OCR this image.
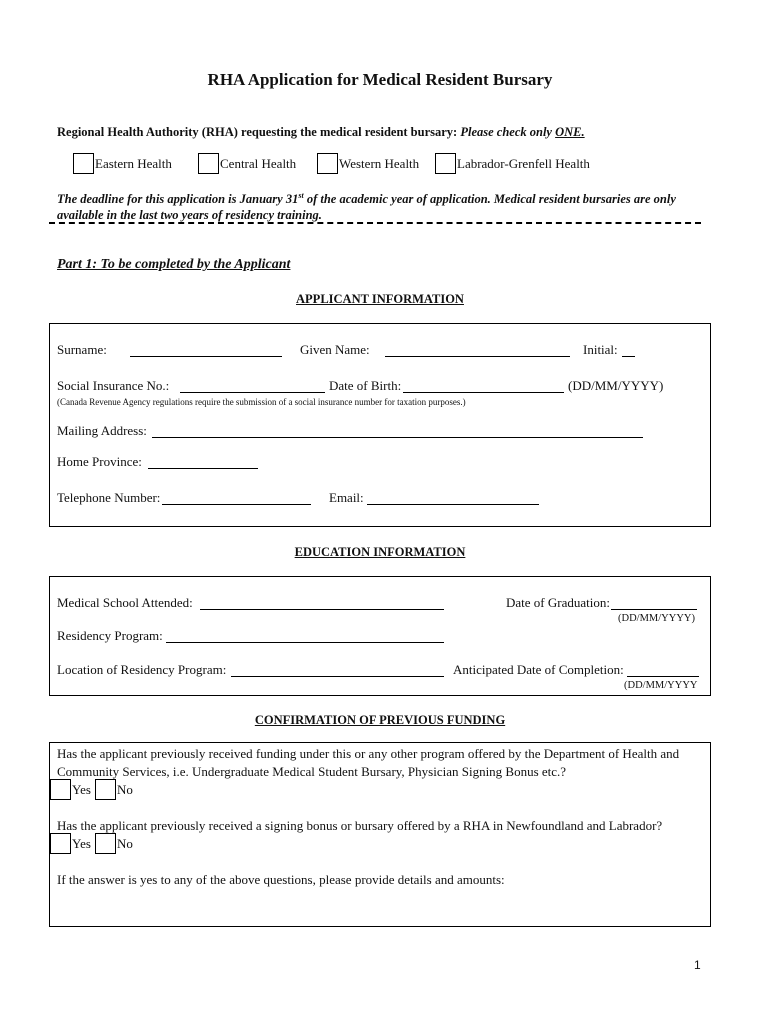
RHA Application for Medical Resident Bursary
Regional Health Authority (RHA) requesting the medical resident bursary: Please check only ONE.
Eastern Health	Central Health	Western Health	Labrador-Grenfell Health
The deadline for this application is January 31st of the academic year of application. Medical resident bursaries are only available in the last two years of residency training.
Part 1: To be completed by the Applicant
APPLICANT INFORMATION
Surname:	Given Name:	Initial:
Social Insurance No.:	Date of Birth:	(DD/MM/YYYY)
(Canada Revenue Agency regulations require the submission of a social insurance number for taxation purposes.)
Mailing Address:
Home Province:
Telephone Number:	Email:
EDUCATION INFORMATION
Medical School Attended:	Date of Graduation:
(DD/MM/YYYY)
Residency Program:
Location of Residency Program:	Anticipated Date of Completion:
(DD/MM/YYYY
CONFIRMATION OF PREVIOUS FUNDING
Has the applicant previously received funding under this or any other program offered by the Department of Health and
Community Services, i.e. Undergraduate Medical Student Bursary, Physician Signing Bonus etc.?
Yes No
Has the applicant previously received a signing bonus or bursary offered by a RHA in Newfoundland and Labrador?
Yes No
If the answer is yes to any of the above questions, please provide details and amounts:
1
